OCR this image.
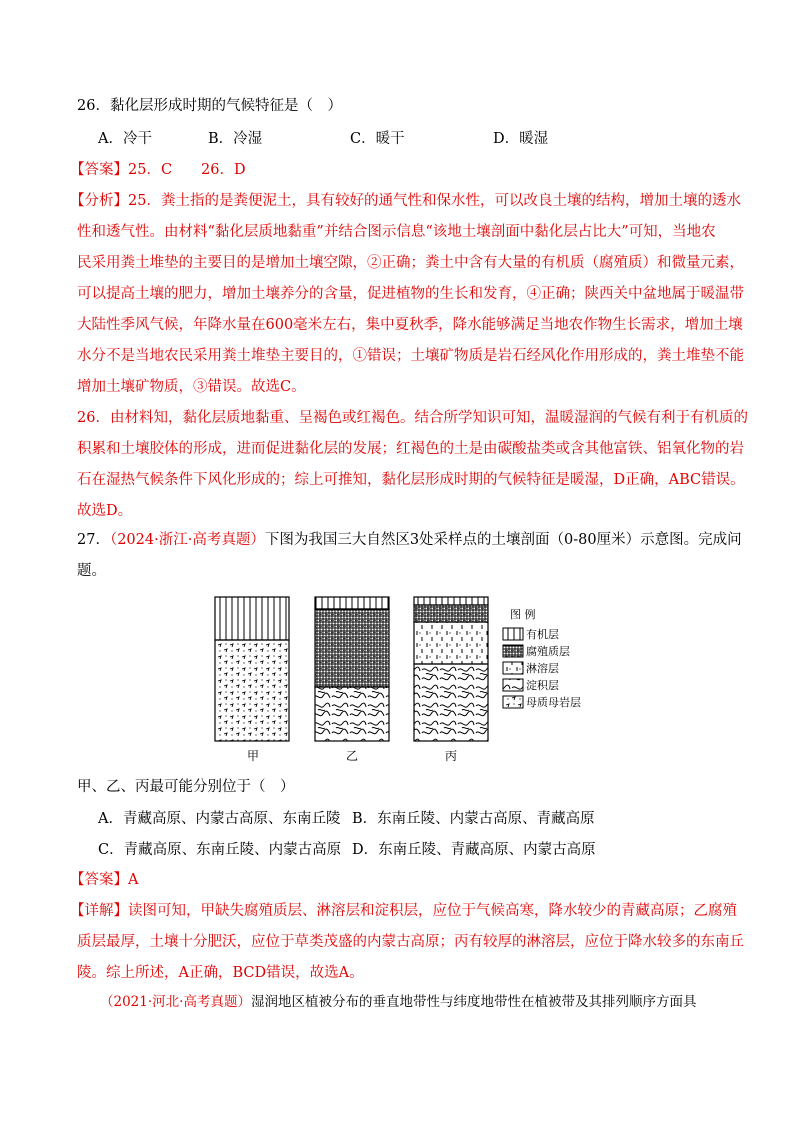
26．黏化层形成时期的气候特征是（　）
A．冷干	B．冷湿	C．暖干	D．暖湿
【答案】25．C　　26．D
【分析】25．粪土指的是粪便泥土，具有较好的通气性和保水性，可以改良土壤的结构，增加土壤的透水
性和透气性。由材料“黏化层质地黏重”并结合图示信息“该地土壤剖面中黏化层占比大”可知，当地农
民采用粪土堆垫的主要目的是增加土壤空隙，②正确；粪土中含有大量的有机质（腐殖质）和微量元素，
可以提高土壤的肥力，增加土壤养分的含量，促进植物的生长和发育，④正确；陕西关中盆地属于暖温带
大陆性季风气候，年降水量在600毫米左右，集中夏秋季，降水能够满足当地农作物生长需求，增加土壤
水分不是当地农民采用粪土堆垫主要目的，①错误；土壤矿物质是岩石经风化作用形成的，粪土堆垫不能
增加土壤矿物质，③错误。故选C。
26．由材料知，黏化层质地黏重、呈褐色或红褐色。结合所学知识可知，温暖湿润的气候有利于有机质的
积累和土壤胶体的形成，进而促进黏化层的发展；红褐色的土是由碳酸盐类或含其他富铁、铝氧化物的岩
石在湿热气候条件下风化形成的；综上可推知，黏化层形成时期的气候特征是暖湿，D正确，ABC错误。
故选D。
27．（2024·浙江·高考真题）下图为我国三大自然区3处采样点的土壤剖面（0-80厘米）示意图。完成问
题。
甲	乙	丙
图 例
有机层
腐殖质层
淋溶层
淀积层
母质母岩层
甲、乙、丙最可能分别位于（　）
A．青藏高原、内蒙古高原、东南丘陵 B．东南丘陵、内蒙古高原、青藏高原
C．青藏高原、东南丘陵、内蒙古高原 D．东南丘陵、青藏高原、内蒙古高原
【答案】A
【详解】读图可知，甲缺失腐殖质层、淋溶层和淀积层，应位于气候高寒，降水较少的青藏高原；乙腐殖
质层最厚，土壤十分肥沃，应位于草类茂盛的内蒙古高原；丙有较厚的淋溶层，应位于降水较多的东南丘
陵。综上所述，A正确，BCD错误，故选A。
（2021·河北·高考真题）湿润地区植被分布的垂直地带性与纬度地带性在植被带及其排列顺序方面具
